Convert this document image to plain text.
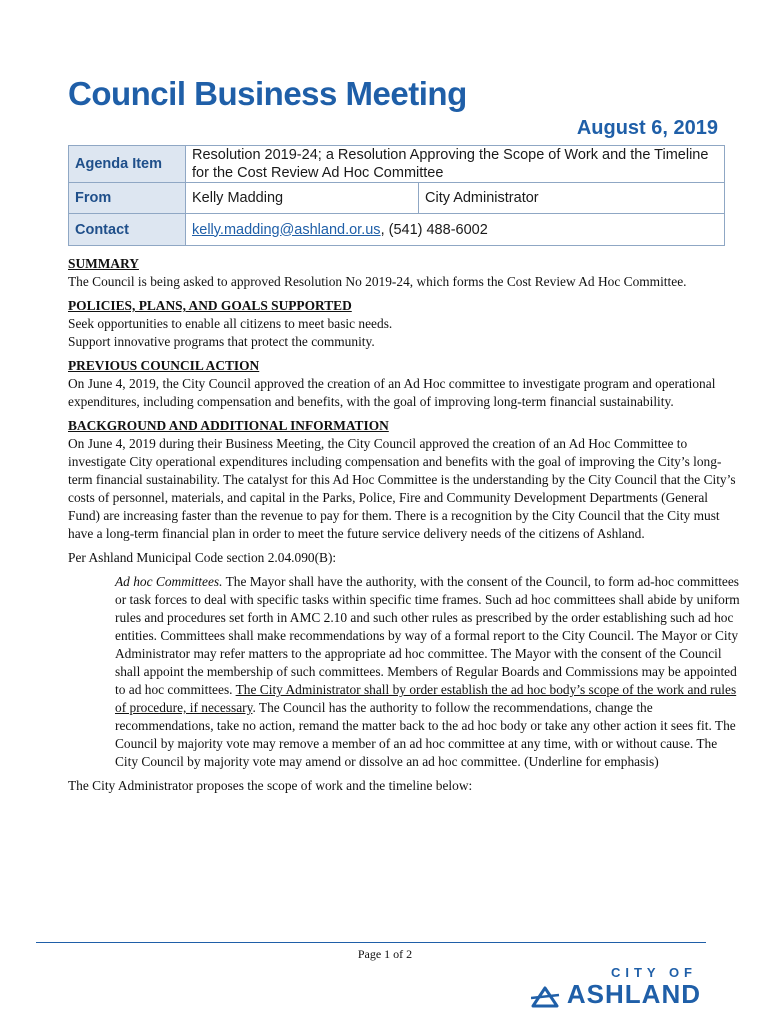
Council Business Meeting
August 6, 2019
Agenda Item	Resolution 2019-24; a Resolution Approving the Scope of Work and the Timeline for the Cost Review Ad Hoc Committee	
From	Kelly Madding	City Administrator
Contact	kelly.madding@ashland.or.us, (541) 488-6002	
SUMMARY

The Council is being asked to approved Resolution No 2019-24, which forms the Cost Review Ad Hoc Committee.

POLICIES, PLANS, AND GOALS SUPPORTED

Seek opportunities to enable all citizens to meet basic needs.

Support innovative programs that protect the community.

PREVIOUS COUNCIL ACTION

On June 4, 2019, the City Council approved the creation of an Ad Hoc committee to investigate program and operational expenditures, including compensation and benefits, with the goal of improving long-term financial sustainability.

BACKGROUND AND ADDITIONAL INFORMATION

On June 4, 2019 during their Business Meeting, the City Council approved the creation of an Ad Hoc Committee to investigate City operational expenditures including compensation and benefits with the goal of improving the City’s long-term financial sustainability. The catalyst for this Ad Hoc Committee is the understanding by the City Council that the City’s costs of personnel, materials, and capital in the Parks, Police, Fire and Community Development Departments (General Fund) are increasing faster than the revenue to pay for them. There is a recognition by the City Council that the City must have a long-term financial plan in order to meet the future service delivery needs of the citizens of Ashland.

Per Ashland Municipal Code section 2.04.090(B):

Ad hoc Committees. The Mayor shall have the authority, with the consent of the Council, to form ad-hoc committees or task forces to deal with specific tasks within specific time frames. Such ad hoc committees shall abide by uniform rules and procedures set forth in AMC 2.10 and such other rules as prescribed by the order establishing such ad hoc entities. Committees shall make recommendations by way of a formal report to the City Council. The Mayor or City Administrator may refer matters to the appropriate ad hoc committee. The Mayor with the consent of the Council shall appoint the membership of such committees. Members of Regular Boards and Commissions may be appointed to ad hoc committees. The City Administrator shall by order establish the ad hoc body’s scope of the work and rules of procedure, if necessary. The Council has the authority to follow the recommendations, change the recommendations, take no action, remand the matter back to the ad hoc body or take any other action it sees fit. The Council by majority vote may remove a member of an ad hoc committee at any time, with or without cause. The City Council by majority vote may amend or dissolve an ad hoc committee. (Underline for emphasis)

The City Administrator proposes the scope of work and the timeline below:

Page 1 of 2
CITY OF
ASHLAND
